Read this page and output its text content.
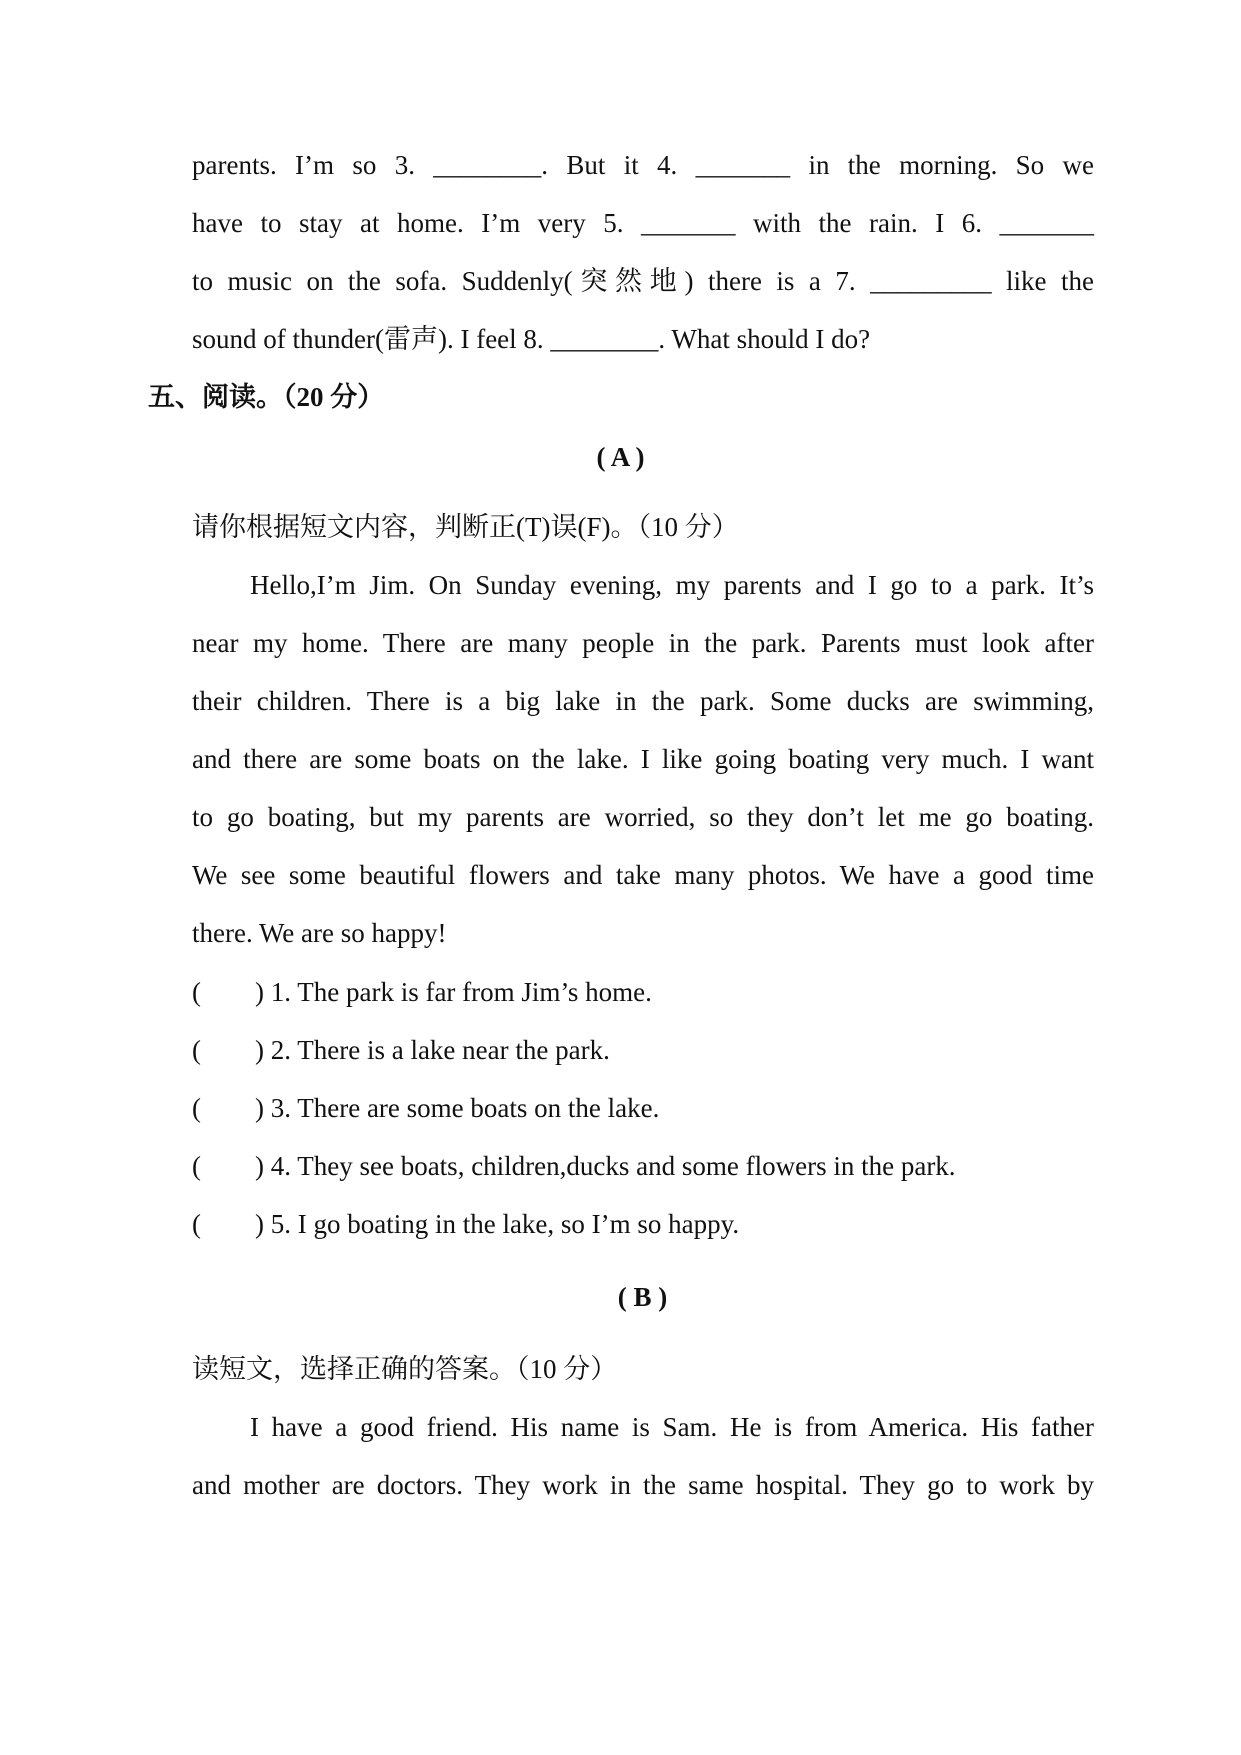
parents. I’m so 3. ________. But it 4. _______ in the morning. So we
have to stay at home. I’m very 5. _______ with the rain. I 6. _______
to music on the sofa. Suddenly(突然地) there is a 7. _________ like the
sound of thunder(雷声). I feel 8. ________. What should I do?
五、阅读。（20 分）
( A )
请你根据短文内容，判断正(T)误(F)。（10 分）
Hello,I’m Jim. On Sunday evening, my parents and I go to a park. It’s
near my home. There are many people in the park. Parents must look after
their children. There is a big lake in the park. Some ducks are swimming,
and there are some boats on the lake. I like going boating very much. I want
to go boating, but my parents are worried, so they don’t let me go boating.
We see some beautiful flowers and take many photos. We have a good time
there. We are so happy!
(        ) 1. The park is far from Jim’s home.
(        ) 2. There is a lake near the park.
(        ) 3. There are some boats on the lake.
(        ) 4. They see boats, children,ducks and some flowers in the park.
(        ) 5. I go boating in the lake, so I’m so happy.
( B )
读短文，选择正确的答案。（10 分）
I have a good friend. His name is Sam. He is from America. His father
and mother are doctors. They work in the same hospital. They go to work by
